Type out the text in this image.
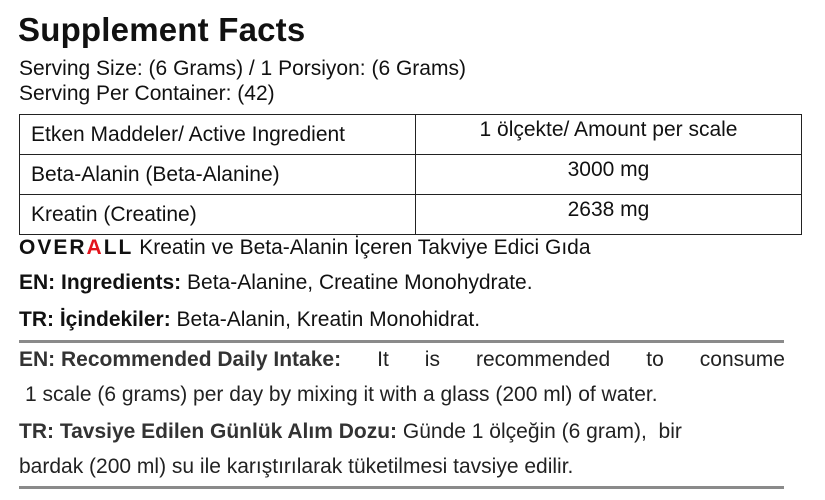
Supplement Facts
Serving Size: (6 Grams) / 1 Porsiyon: (6 Grams)
Serving Per Container: (42)
Etken Maddeler/ Active Ingredient	1 ölçekte/ Amount per scale
Beta-Alanin (Beta-Alanine)	3000 mg
Kreatin (Creatine)	2638 mg
OVERALL Kreatin ve Beta-Alanin İçeren Takviye Edici Gıda
EN: Ingredients: Beta-Alanine, Creatine Monohydrate.
TR: İçindekiler: Beta-Alanin, Kreatin Monohidrat.
EN: Recommended Daily Intake: It is recommended to consume
1 scale (6 grams) per day by mixing it with a glass (200 ml) of water.
TR: Tavsiye Edilen Günlük Alım Dozu: Günde 1 ölçeğin (6 gram),  bir
bardak (200 ml) su ile karıştırılarak tüketilmesi tavsiye edilir.
